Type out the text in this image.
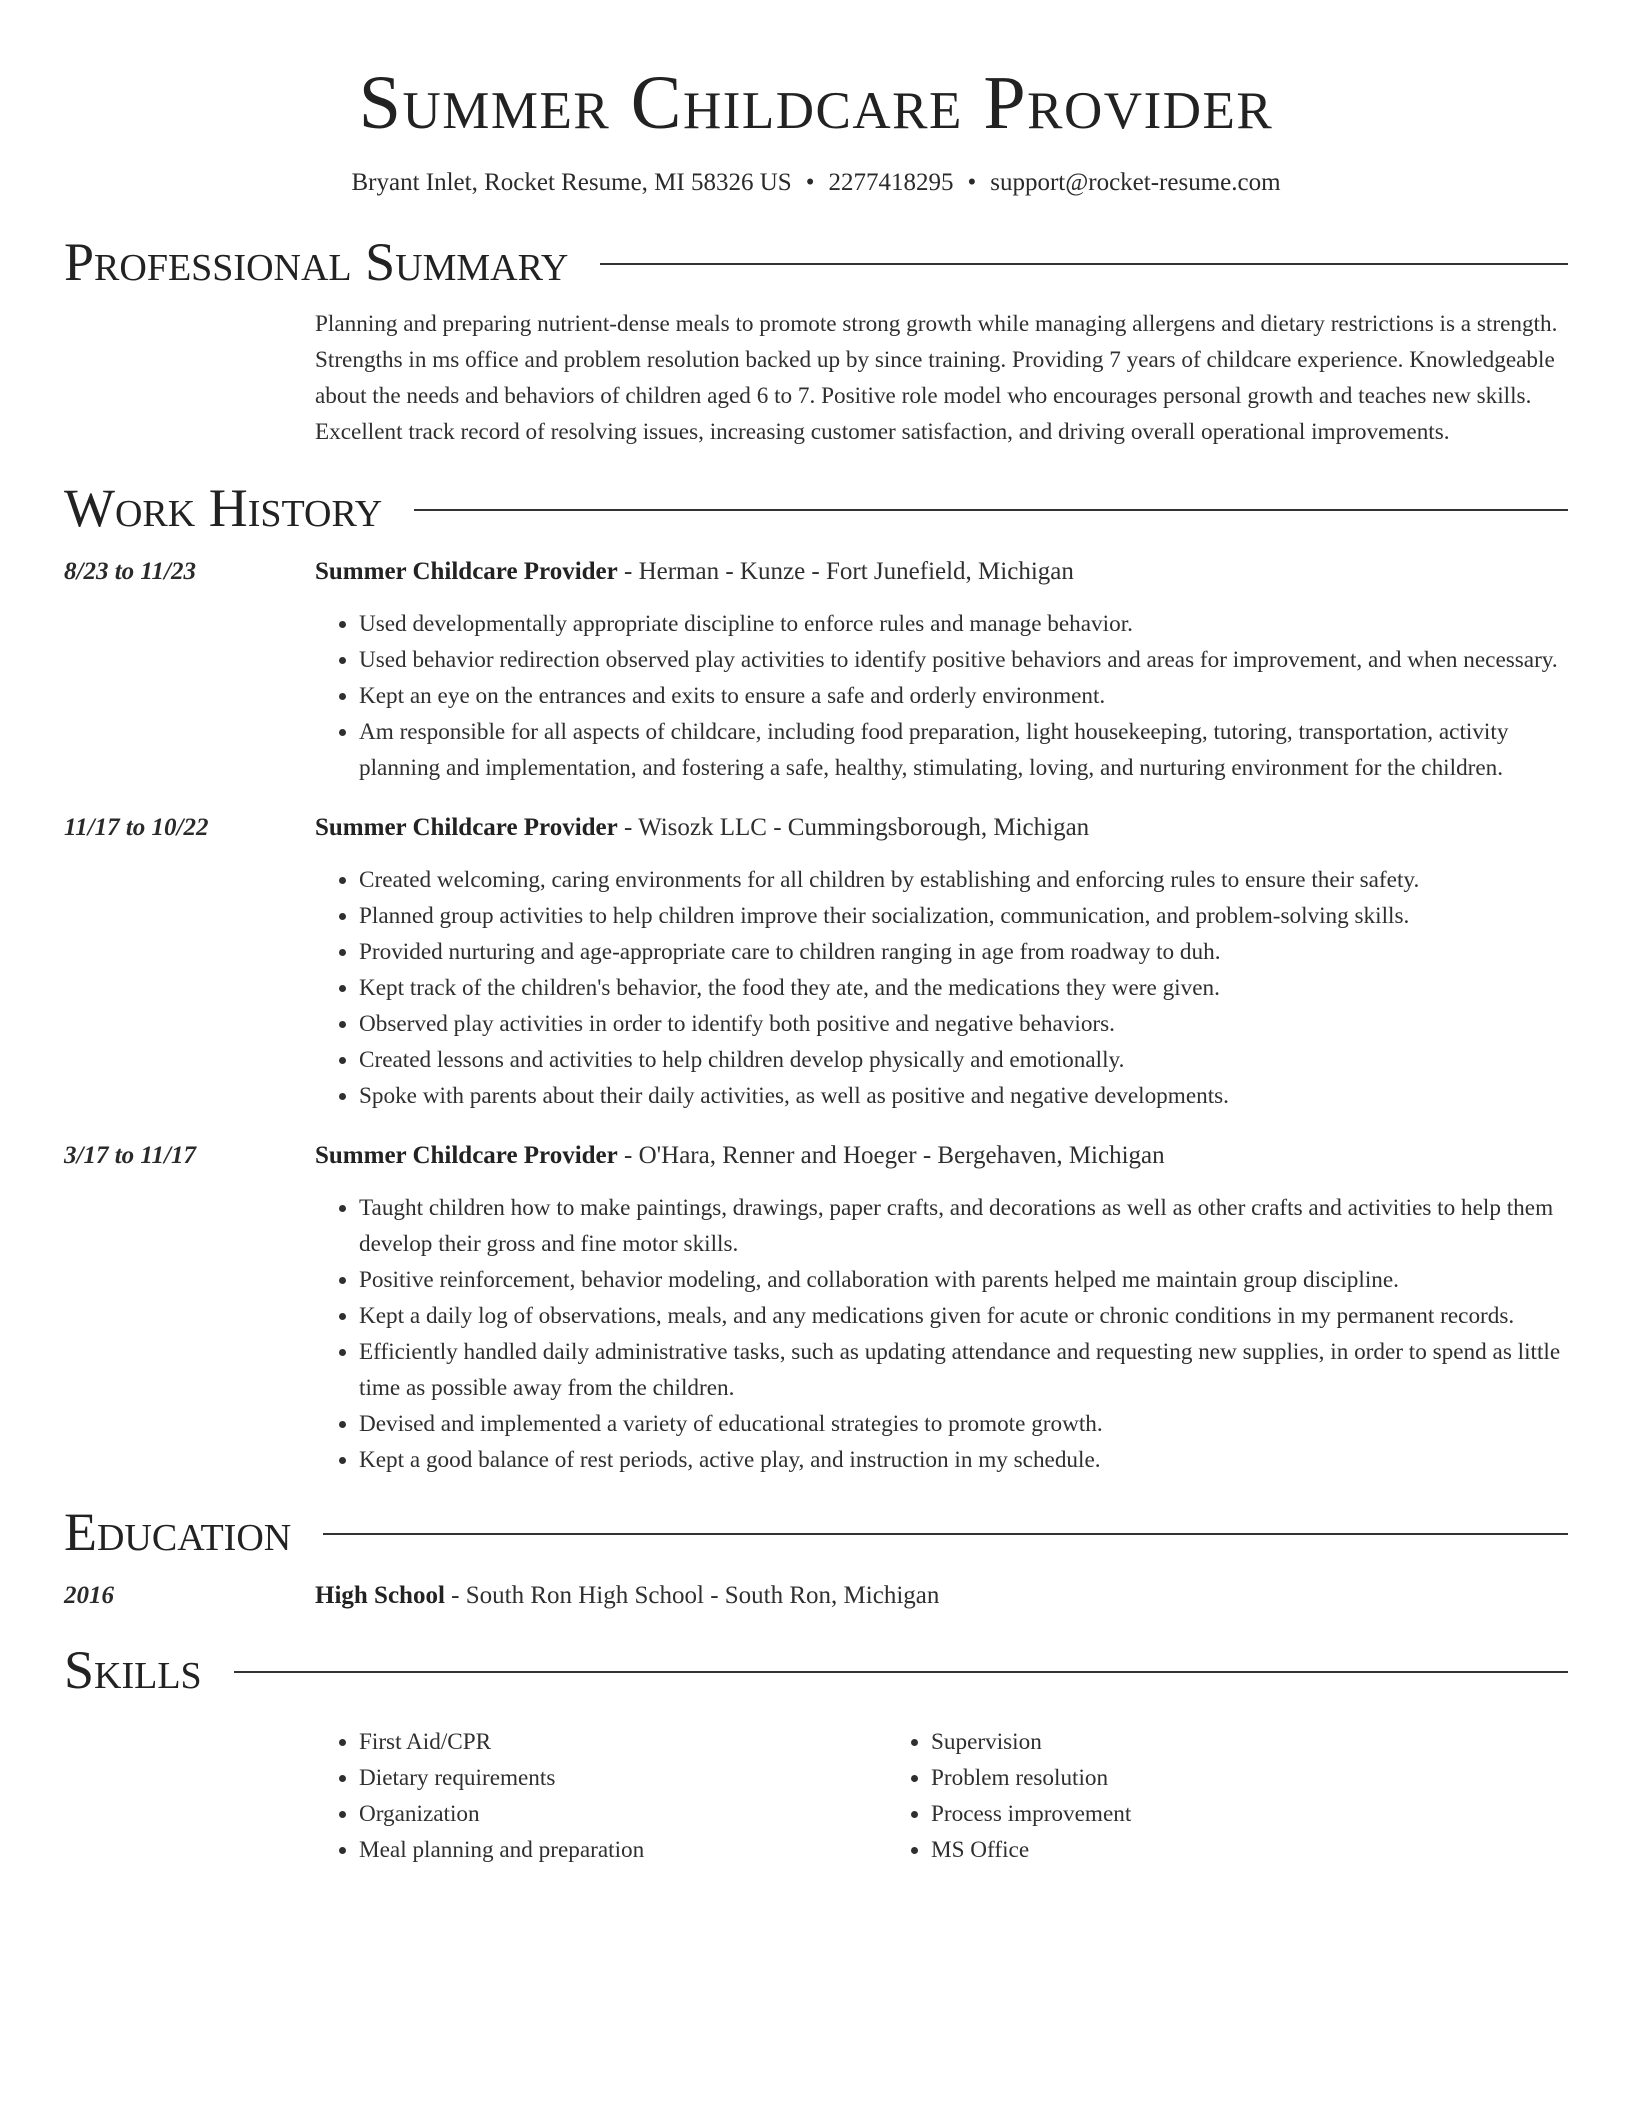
Summer Childcare Provider
Bryant Inlet, Rocket Resume, MI 58326 US • 2277418295 • support@rocket-resume.com
Professional Summary
Planning and preparing nutrient-dense meals to promote strong growth while managing allergens and dietary restrictions is a strength. Strengths in ms office and problem resolution backed up by since training. Providing 7 years of childcare experience. Knowledgeable about the needs and behaviors of children aged 6 to 7. Positive role model who encourages personal growth and teaches new skills. Excellent track record of resolving issues, increasing customer satisfaction, and driving overall operational improvements.
Work History
8/23 to 11/23	Summer Childcare Provider - Herman - Kunze - Fort Junefield, Michigan
• Used developmentally appropriate discipline to enforce rules and manage behavior.
• Used behavior redirection observed play activities to identify positive behaviors and areas for improvement, and when necessary.
• Kept an eye on the entrances and exits to ensure a safe and orderly environment.
• Am responsible for all aspects of childcare, including food preparation, light housekeeping, tutoring, transportation, activity planning and implementation, and fostering a safe, healthy, stimulating, loving, and nurturing environment for the children.
11/17 to 10/22	Summer Childcare Provider - Wisozk LLC - Cummingsborough, Michigan
• Created welcoming, caring environments for all children by establishing and enforcing rules to ensure their safety.
• Planned group activities to help children improve their socialization, communication, and problem-solving skills.
• Provided nurturing and age-appropriate care to children ranging in age from roadway to duh.
• Kept track of the children's behavior, the food they ate, and the medications they were given.
• Observed play activities in order to identify both positive and negative behaviors.
• Created lessons and activities to help children develop physically and emotionally.
• Spoke with parents about their daily activities, as well as positive and negative developments.
3/17 to 11/17	Summer Childcare Provider - O'Hara, Renner and Hoeger - Bergehaven, Michigan
• Taught children how to make paintings, drawings, paper crafts, and decorations as well as other crafts and activities to help them develop their gross and fine motor skills.
• Positive reinforcement, behavior modeling, and collaboration with parents helped me maintain group discipline.
• Kept a daily log of observations, meals, and any medications given for acute or chronic conditions in my permanent records.
• Efficiently handled daily administrative tasks, such as updating attendance and requesting new supplies, in order to spend as little time as possible away from the children.
• Devised and implemented a variety of educational strategies to promote growth.
• Kept a good balance of rest periods, active play, and instruction in my schedule.
Education
2016	High School - South Ron High School - South Ron, Michigan
Skills
• First Aid/CPR
• Dietary requirements
• Organization
• Meal planning and preparation
• Supervision
• Problem resolution
• Process improvement
• MS Office
